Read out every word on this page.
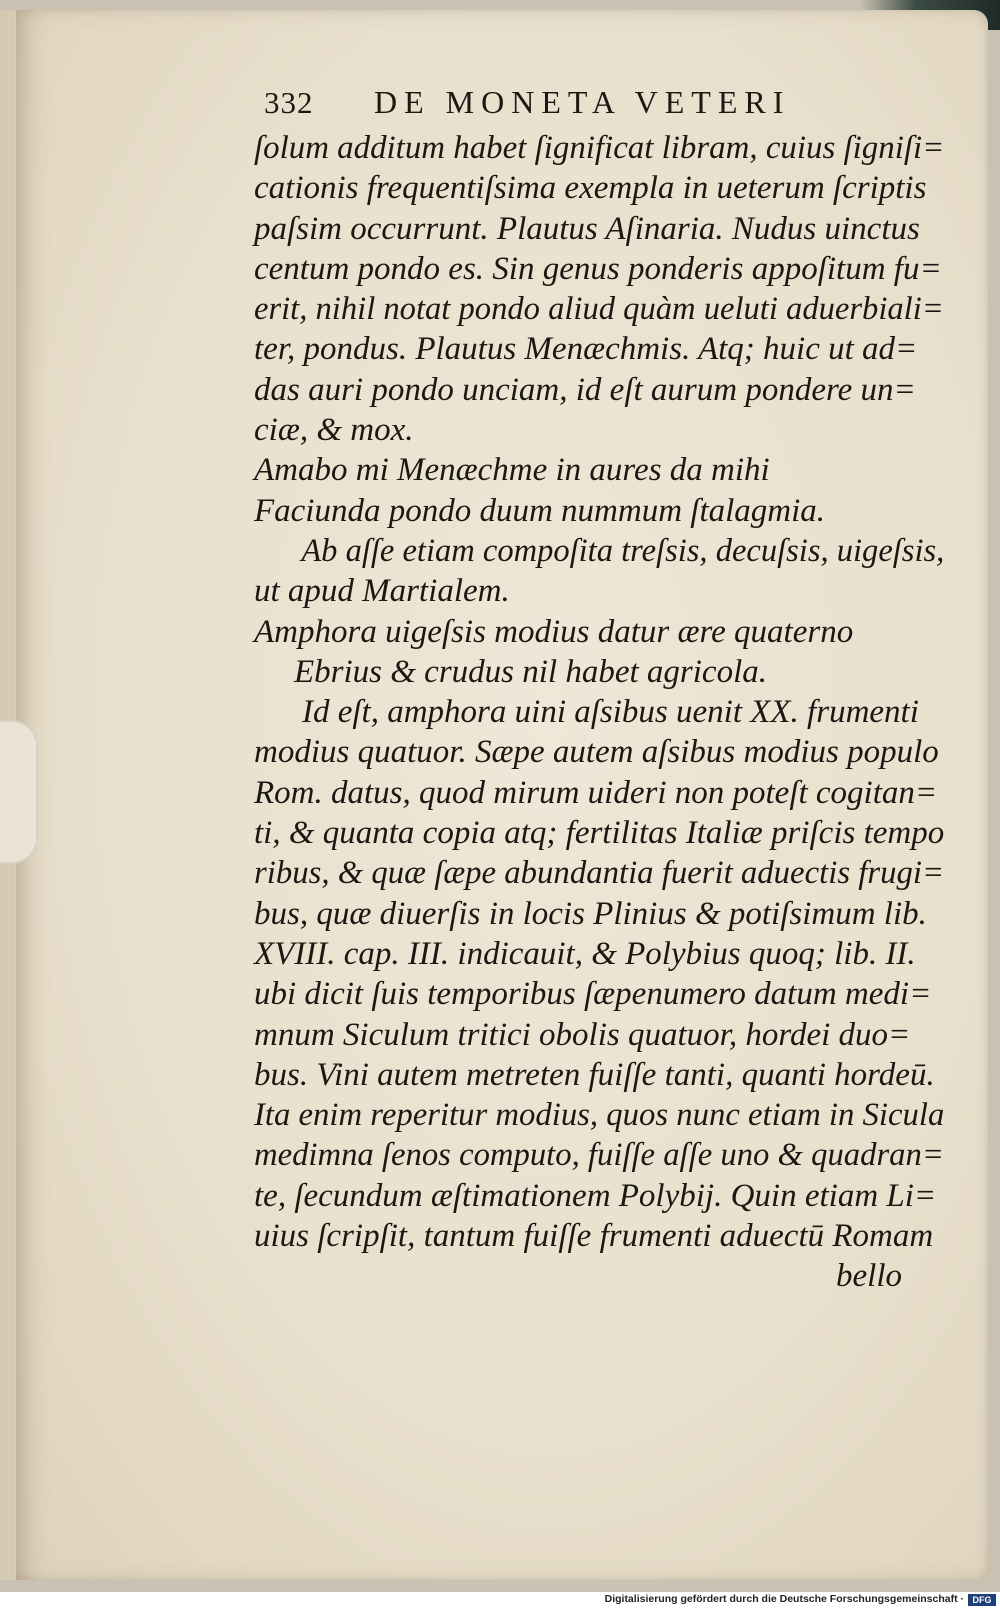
332	DE MONETA VETERI
ſolum additum habet ſignificat libram, cuius ſigniſi=
cationis frequentiſsima exempla in ueterum ſcriptis
paſsim occurrunt. Plautus Aſinaria. Nudus uinctus
centum pondo es. Sin genus ponderis appoſitum fu=
erit, nihil notat pondo aliud quàm ueluti aduerbiali=
ter, pondus. Plautus Menæchmis. Atq; huic ut ad=
das auri pondo unciam, id eſt aurum pondere un=
ciæ, & mox.
Amabo mi Menæchme in aures da mihi
Faciunda pondo duum nummum ſtalagmia.
Ab aſſe etiam compoſita treſsis, decuſsis, uigeſsis,
ut apud Martialem.
Amphora uigeſsis modius datur ære quaterno
Ebrius & crudus nil habet agricola.
Id eſt, amphora uini aſsibus uenit XX. frumenti
modius quatuor. Sæpe autem aſsibus modius populo
Rom. datus, quod mirum uideri non poteſt cogitan=
ti, & quanta copia atq; fertilitas Italiæ priſcis tempo
ribus, & quæ ſæpe abundantia fuerit aduectis frugi=
bus, quæ diuerſis in locis Plinius & potiſsimum lib.
XVIII. cap. III. indicauit, & Polybius quoq; lib. II.
ubi dicit ſuis temporibus ſæpenumero datum medi=
mnum Siculum tritici obolis quatuor, hordei duo=
bus. Vini autem metreten fuiſſe tanti, quanti hordeū.
Ita enim reperitur modius, quos nunc etiam in Sicula
medimna ſenos computo, fuiſſe aſſe uno & quadran=
te, ſecundum æſtimationem Polybij. Quin etiam Li=
uius ſcripſit, tantum fuiſſe frumenti aduectū Romam
bello
Digitalisierung gefördert durch die Deutsche Forschungsgemeinschaft · DFG
